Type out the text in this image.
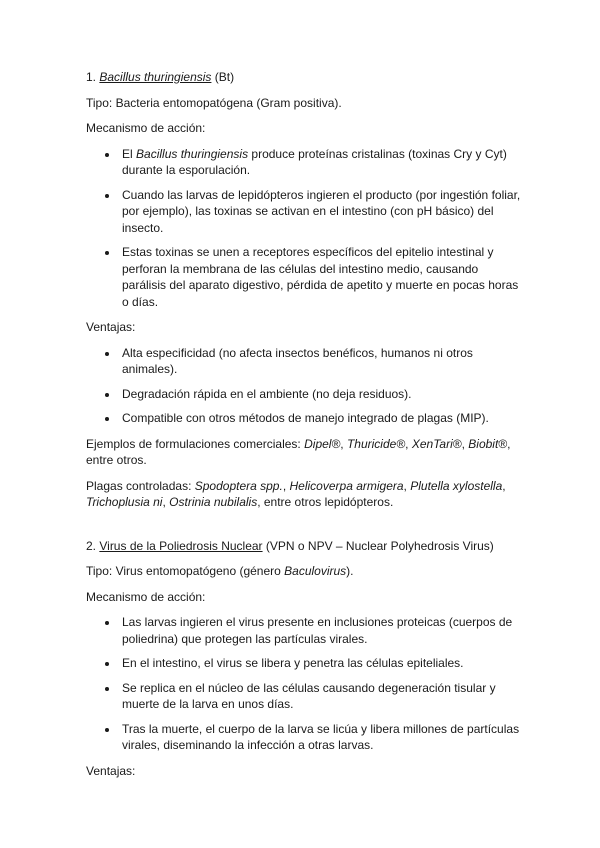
1. Bacillus thuringiensis (Bt)

Tipo: Bacteria entomopatógena (Gram positiva).

Mecanismo de acción:

El Bacillus thuringiensis produce proteínas cristalinas (toxinas Cry y Cyt) durante la esporulación.
Cuando las larvas de lepidópteros ingieren el producto (por ingestión foliar, por ejemplo), las toxinas se activan en el intestino (con pH básico) del insecto.
Estas toxinas se unen a receptores específicos del epitelio intestinal y perforan la membrana de las células del intestino medio, causando parálisis del aparato digestivo, pérdida de apetito y muerte en pocas horas o días.

Ventajas:

Alta especificidad (no afecta insectos benéficos, humanos ni otros animales).
Degradación rápida en el ambiente (no deja residuos).
Compatible con otros métodos de manejo integrado de plagas (MIP).

Ejemplos de formulaciones comerciales: Dipel®, Thuricide®, XenTari®, Biobit®, entre otros.

Plagas controladas: Spodoptera spp., Helicoverpa armigera, Plutella xylostella, Trichoplusia ni, Ostrinia nubilalis, entre otros lepidópteros.

2. Virus de la Poliedrosis Nuclear (VPN o NPV – Nuclear Polyhedrosis Virus)

Tipo: Virus entomopatógeno (género Baculovirus).

Mecanismo de acción:

Las larvas ingieren el virus presente en inclusiones proteicas (cuerpos de poliedrina) que protegen las partículas virales.
En el intestino, el virus se libera y penetra las células epiteliales.
Se replica en el núcleo de las células causando degeneración tisular y muerte de la larva en unos días.
Tras la muerte, el cuerpo de la larva se licúa y libera millones de partículas virales, diseminando la infección a otras larvas.

Ventajas:
